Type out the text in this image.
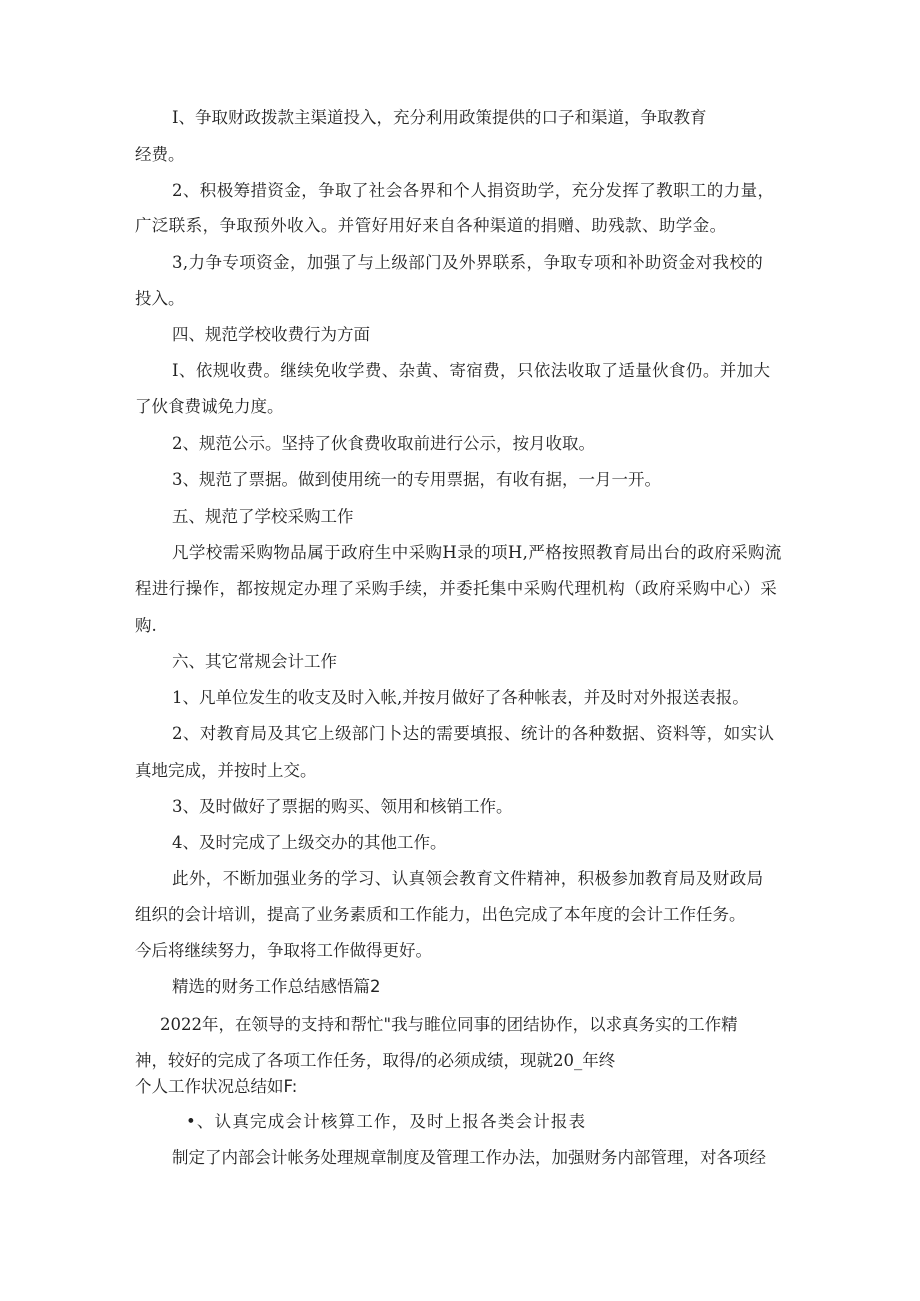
I、争取财政拨款主渠道投入，充分利用政策提供的口子和渠道，争取教育

经费。

2、积极筹措资金，争取了社会各界和个人捐资助学，充分发挥了教职工的力量，

广泛联系，争取预外收入。并管好用好来自各种渠道的捐赠、助残款、助学金。

3,力争专项资金，加强了与上级部门及外界联系，争取专项和补助资金对我校的

投入。

四、规范学校收费行为方面

I、依规收费。继续免收学费、杂黄、寄宿费，只依法收取了适量伙食仍。并加大

了伙食费诚免力度。

2、规范公示。坚持了伙食费收取前进行公示，按月收取。

3、规范了票据。做到使用统一的专用票据，有收有据，一月一开。

五、规范了学校采购工作

凡学校需采购物品属于政府生中采购H录的项H,严格按照教育局出台的政府采购流

程进行操作，都按规定办理了采购手续，并委托集中采购代理机构（政府采购中心）采

购.

六、其它常规会计工作

1、凡单位发生的收支及时入帐,并按月做好了各种帐表，并及时对外报送表报。

2、对教育局及其它上级部门卜达的需要填报、统计的各种数据、资料等，如实认

真地完成，并按时上交。

3、及时做好了票据的购买、领用和核销工作。

4、及时完成了上级交办的其他工作。

此外，不断加强业务的学习、认真领会教育文件精神，积极参加教育局及财政局

组织的会计培训，提高了业务素质和工作能力，出色完成了本年度的会计工作任务。

今后将继续努力，争取将工作做得更好。

精选的财务工作总结感悟篇2

2022年，在领导的支持和帮忙"我与睢位同事的团结协作，以求真务实的工作精

神，较好的完成了各项工作任务，取得/的必须成绩，现就20_年终

个人工作状况总结如F:

•、认真完成会计核算工作，及时上报各类会计报表

制定了内部会计帐务处理规章制度及管理工作办法，加强财务内部管理，对各项经
